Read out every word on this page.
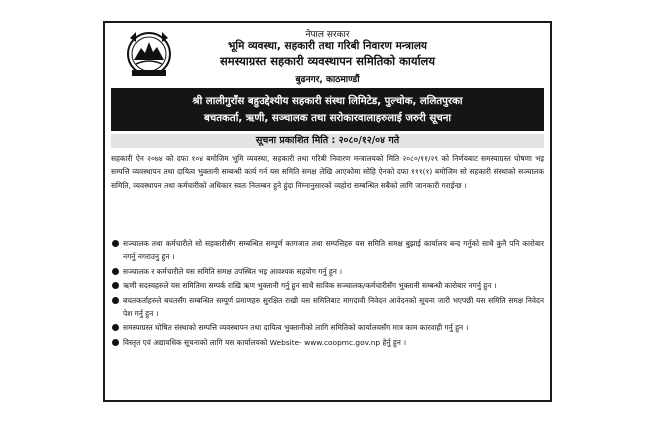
नेपाल सरकार
भूमि व्यवस्था, सहकारी तथा गरिबी निवारण मन्त्रालय
समस्याग्रस्त सहकारी व्यवस्थापन समितिको कार्यालय
बुढनगर, काठमाण्डौं
श्री लालीगुराँस बहुउद्देश्यीय सहकारी संस्था लिमिटेड, पुल्चोक, ललितपुरका
बचतकर्ता, ऋणी, सञ्चालक तथा सरोकारवालाहरुलाई जरुरी सूचना
सूचना प्रकाशित मिति : २०८०/१२/०४ गते
सहकारी ऐन २०७४ को दफा १०४ बमोजिम भूमि व्यवस्था, सहकारी तथा गरिबी निवारण मन्त्रालयको मिति २०८०/११/२९ को निर्णयबाट समस्याग्रस्त घोषणा भइ सम्पत्ति व्यवस्थापन तथा दायित्व भुक्तानी सम्बन्धी कार्य गर्न यस समिति समक्ष लेखि आएकोमा सोहि ऐनको दफा १११(१) बमोजिम सो सहकारी संस्थाको सञ्चालक समिति, व्यवस्थापन तथा कर्मचारीको अधिकार स्वतः निलम्बन हुने हुंदा निम्नानुसारको व्यहोरा सम्बन्धित सबैको लागि जानकारी गराईन्छ ।
सञ्चालक तथा कर्मचारीले सो सहकारीसँग सम्बन्धित सम्पूर्ण कागजात तथा सम्पत्तिहरु यस समिति समक्ष बुझाई कार्यालय बन्द गर्नुको साथै कुनै पनि कारोबार नगर्नु नगराउनु हुन ।
सञ्चालक र कर्मचारीले यस समिति समक्ष उपस्थित भइ आवश्यक सहयोग गर्नु हुन ।
ऋणी सदस्यहरुले यस समितिमा सम्पर्क राखि ऋण भुक्तानी गर्नु हुन साथै साविक सञ्चालक/कर्मचारीसँग भुक्तानी सम्बन्धी कारोबार नगर्नु हुन ।
बचतकर्ताहरुले बचतसँग सम्बन्धित सम्पूर्ण प्रमाणहरु सुरक्षित राखी यस समितिबाट मागदावी निवेदन आवेदनको सूचना जारी भएपछी यस समिति समक्ष निवेदन पेश गर्नु हुन ।
समस्याग्रस्त घोषित संस्थाको सम्पत्ति व्यवस्थापन तथा दायित्व भुक्तानीको लागि समितिको कार्यालयसँग मात्र काम कारवाही गर्नु हुन ।
विस्तृत एवं अद्यावधिक सूचनाको लागि यस कार्यालयको Website- www.coopmc.gov.np हेर्नु हुन ।
